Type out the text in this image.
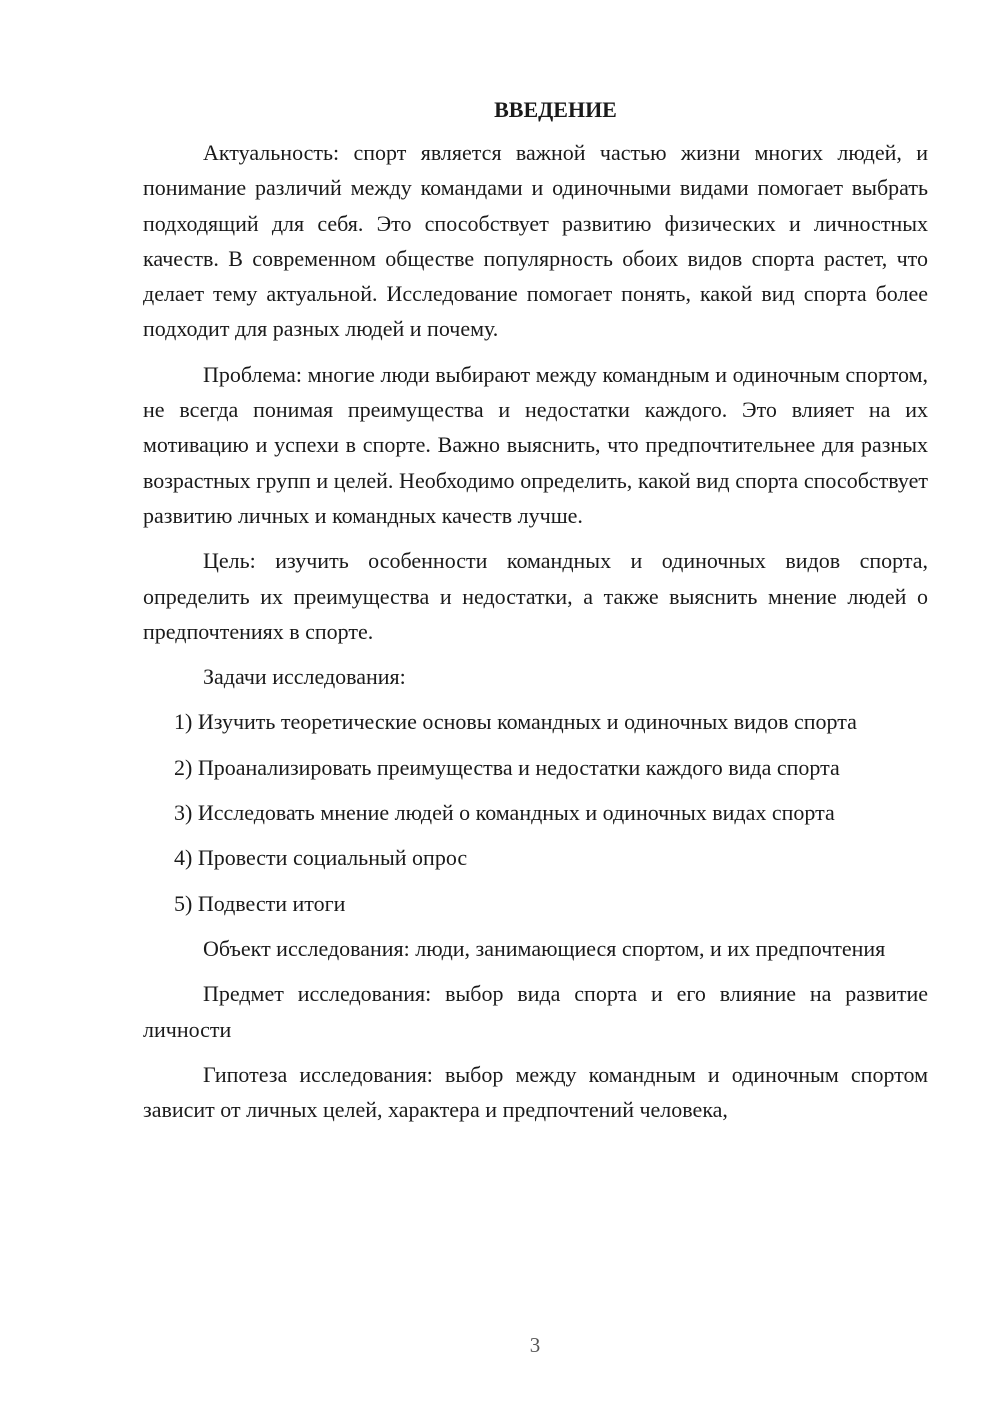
ВВЕДЕНИЕ

Актуальность: спорт является важной частью жизни многих людей, и понимание различий между командами и одиночными видами помогает выбрать подходящий для себя. Это способствует развитию физических и личностных качеств. В современном обществе популярность обоих видов спорта растет, что делает тему актуальной. Исследование помогает понять, какой вид спорта более подходит для разных людей и почему.

Проблема: многие люди выбирают между командным и одиночным спортом, не всегда понимая преимущества и недостатки каждого. Это влияет на их мотивацию и успехи в спорте. Важно выяснить, что предпочтительнее для разных возрастных групп и целей. Необходимо определить, какой вид спорта способствует развитию личных и командных качеств лучше.

Цель: изучить особенности командных и одиночных видов спорта, определить их преимущества и недостатки, а также выяснить мнение людей о предпочтениях в спорте.

Задачи исследования:

1) Изучить теоретические основы командных и одиночных видов спорта

2) Проанализировать преимущества и недостатки каждого вида спорта

3) Исследовать мнение людей о командных и одиночных видах спорта

4) Провести социальный опрос

5) Подвести итоги

Объект исследования: люди, занимающиеся спортом, и их предпочтения

Предмет исследования: выбор вида спорта и его влияние на развитие личности

Гипотеза исследования: выбор между командным и одиночным спортом зависит от личных целей, характера и предпочтений человека,

3
